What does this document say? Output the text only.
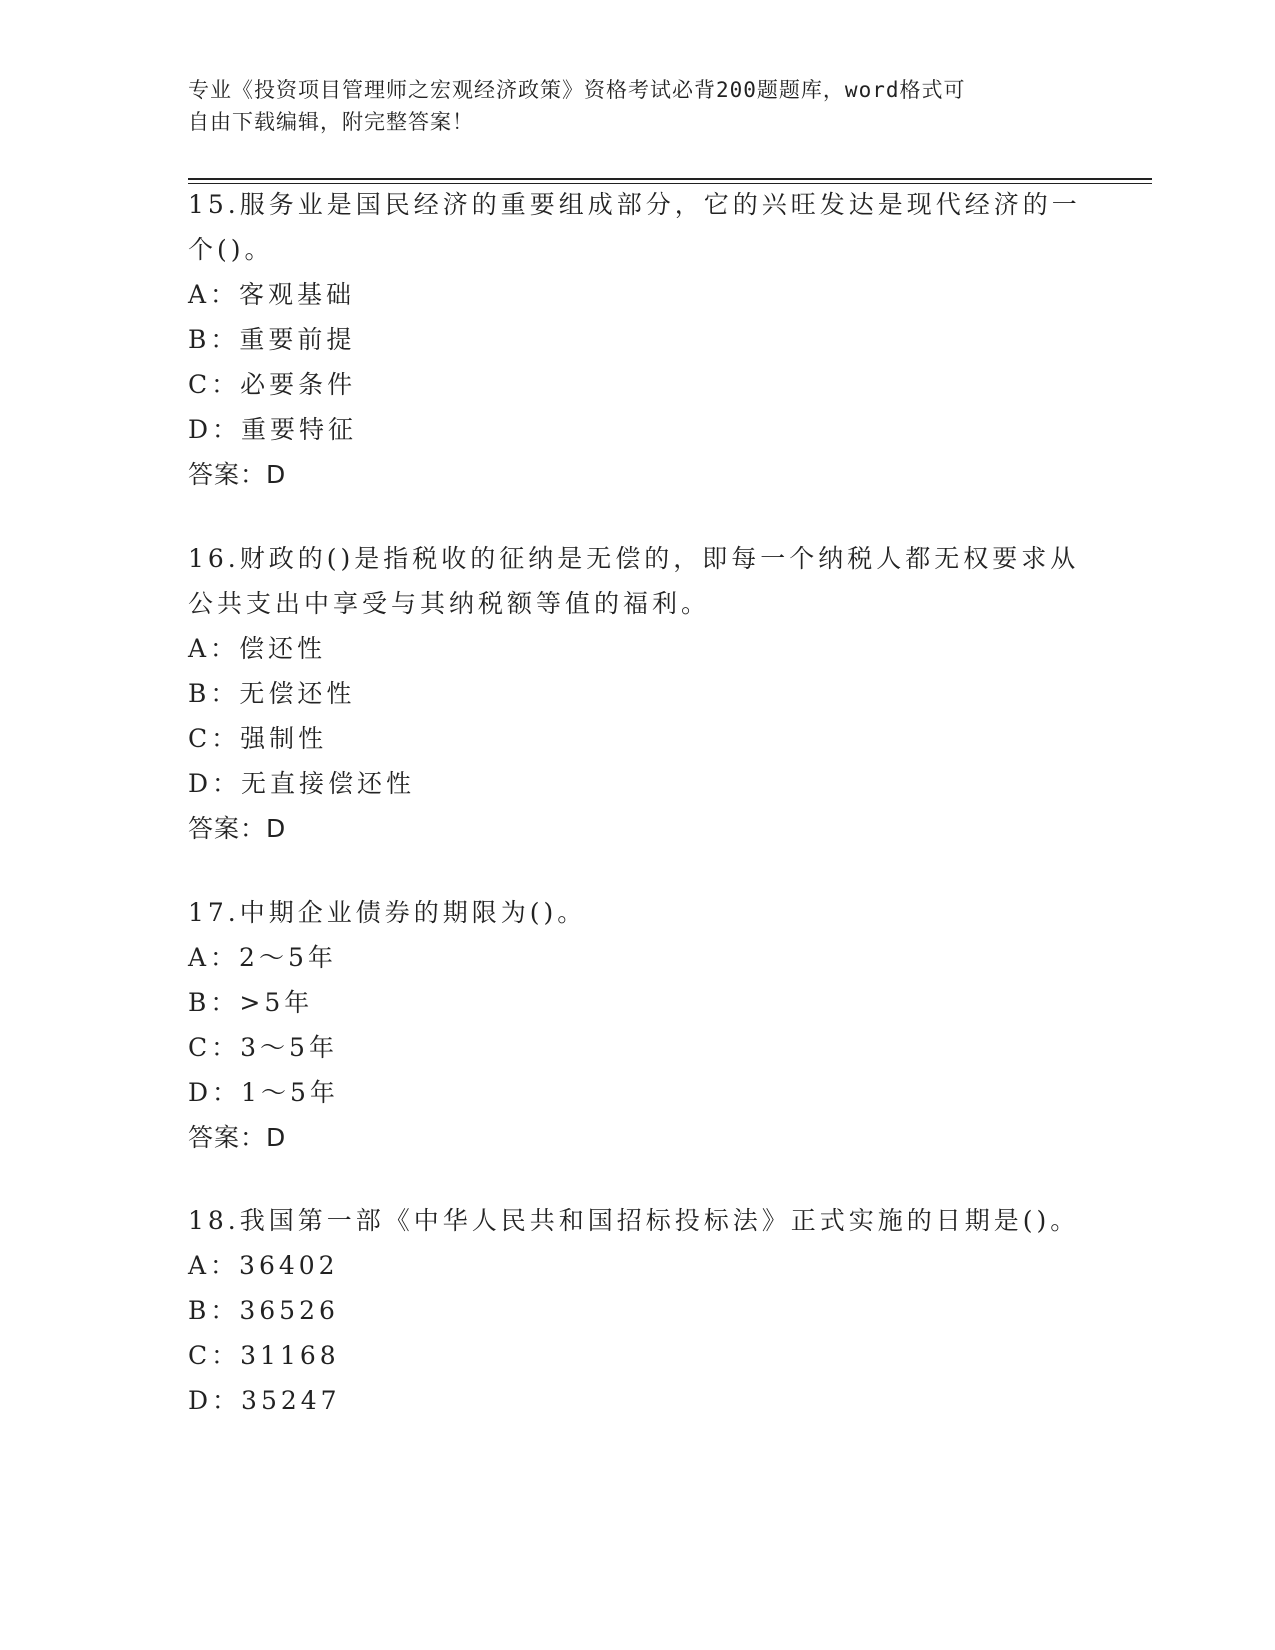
专业《投资项目管理师之宏观经济政策》资格考试必背200题题库，word格式可
自由下载编辑，附完整答案！

15.服务业是国民经济的重要组成部分，它的兴旺发达是现代经济的一

个()。

A：客观基础

B：重要前提

C：必要条件

D：重要特征

答案：D

16.财政的()是指税收的征纳是无偿的，即每一个纳税人都无权要求从

公共支出中享受与其纳税额等值的福利。

A：偿还性

B：无偿还性

C：强制性

D：无直接偿还性

答案：D

17.中期企业债券的期限为()。

A：2～5年

B：>5年

C：3～5年

D：1～5年

答案：D

18.我国第一部《中华人民共和国招标投标法》正式实施的日期是()。

A：36402

B：36526

C：31168

D：35247
